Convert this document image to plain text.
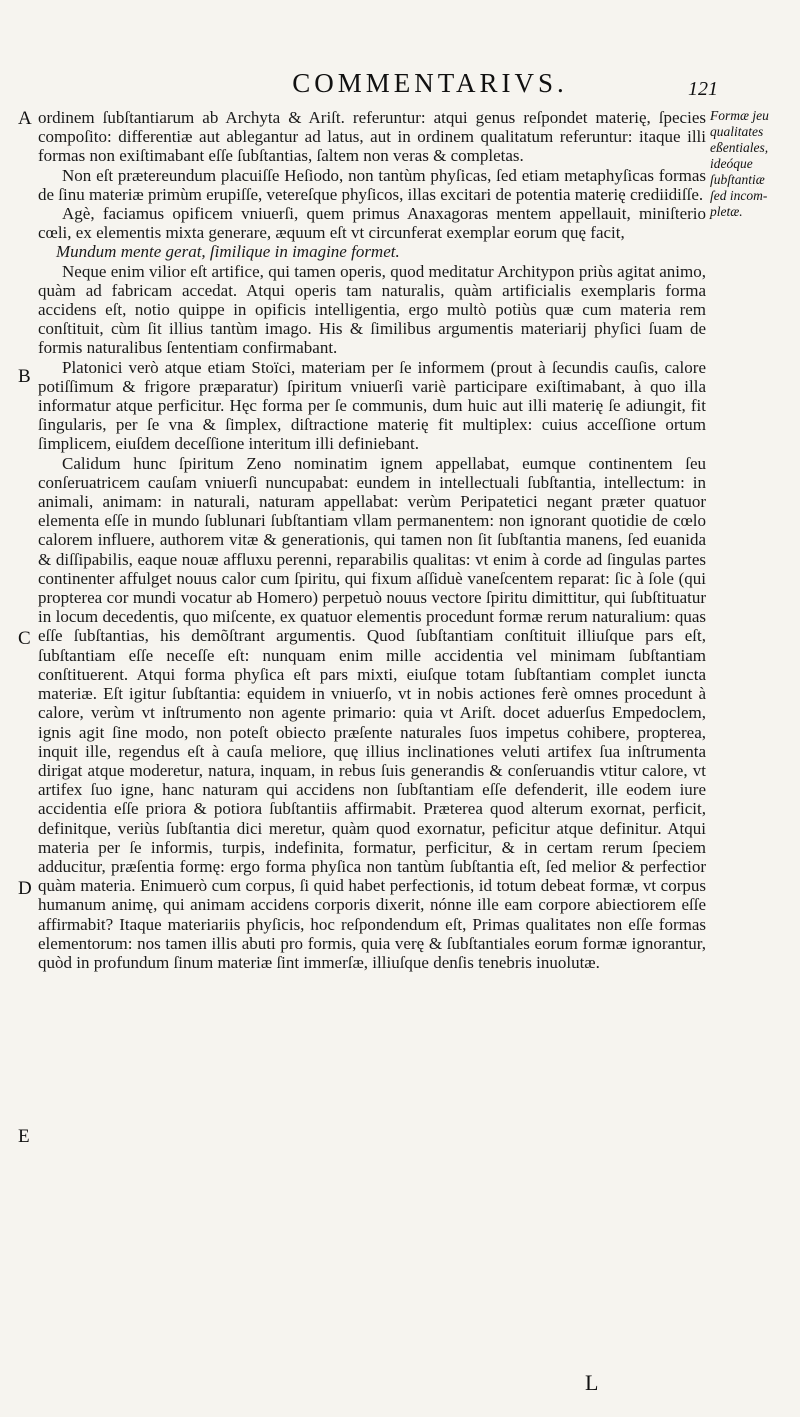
COMMENTARIVS.	121
A
B
C
D
E
Formæ jeu
qualitates
eßentiales,
ideóque
ſubſtantiæ
ſed incom-
pletæ.

ordinem ſubſtantiarum ab Archyta & Ariſt. referuntur: atqui genus reſpondet materię, ſpecies compoſito: differentiæ aut ablegantur ad latus, aut in ordinem qualitatum referuntur: itaque illi formas non exiſtimabant eſſe ſubſtantias, ſaltem non veras & completas.

Non eſt prætereundum placuiſſe Heſiodo, non tantùm phyſicas, ſed etiam metaphyſicas formas de ſinu materiæ primùm erupiſſe, vetereſque phyſicos, illas excitari de potentia materię crediidiſſe.

Agè, faciamus opificem vniuerſi, quem primus Anaxagoras mentem appellauit, miniſterio cœli, ex elementis mixta generare, æquum eſt vt circunferat exemplar eorum quę facit,

Mundum mente gerat, ſimilique in imagine formet.

Neque enim vilior eſt artifice, qui tamen operis, quod meditatur Architypon priùs agitat animo, quàm ad fabricam accedat. Atqui operis tam naturalis, quàm artificialis exemplaris forma accidens eſt, notio quippe in opificis intelligentia, ergo multò potiùs quæ cum materia rem conſtituit, cùm ſit illius tantùm imago. His & ſimilibus argumentis materiarij phyſici ſuam de formis naturalibus ſententiam confirmabant.

Platonici verò atque etiam Stoïci, materiam per ſe informem (prout à ſecundis cauſis, calore potiſſimum & frigore præparatur) ſpiritum vniuerſi variè participare exiſtimabant, à quo illa informatur atque perficitur. Hęc forma per ſe communis, dum huic aut illi materię ſe adiungit, fit ſingularis, per ſe vna & ſimplex, diſtractione materię fit multiplex: cuius acceſſione ortum ſimplicem, eiuſdem deceſſione interitum illi definiebant.

Calidum hunc ſpiritum Zeno nominatim ignem appellabat, eumque continentem ſeu conſeruatricem cauſam vniuerſi nuncupabat: eundem in intellectuali ſubſtantia, intellectum: in animali, animam: in naturali, naturam appellabat: verùm Peripatetici negant præter quatuor elementa eſſe in mundo ſublunari ſubſtantiam vllam permanentem: non ignorant quotidie de cœlo calorem influere, authorem vitæ & generationis, qui tamen non ſit ſubſtantia manens, ſed euanida & diſſipabilis, eaque nouæ affluxu perenni, reparabilis qualitas: vt enim à corde ad ſingulas partes continenter affulget nouus calor cum ſpiritu, qui fixum aſſiduè vaneſcentem reparat: ſic à ſole (qui propterea cor mundi vocatur ab Homero) perpetuò nouus vectore ſpiritu dimittitur, qui ſubſtituatur in locum decedentis, quo miſcente, ex quatuor elementis procedunt formæ rerum naturalium: quas eſſe ſubſtantias, his demõſtrant argumentis. Quod ſubſtantiam conſtituit illiuſque pars eſt, ſubſtantiam eſſe neceſſe eſt: nunquam enim mille accidentia vel minimam ſubſtantiam conſtituerent. Atqui forma phyſica eſt pars mixti, eiuſque totam ſubſtantiam complet iuncta materiæ. Eſt igitur ſubſtantia: equidem in vniuerſo, vt in nobis actiones ferè omnes procedunt à calore, verùm vt inſtrumento non agente primario: quia vt Ariſt. docet aduerſus Empedoclem, ignis agit ſine modo, non poteſt obiecto præſente naturales ſuos impetus cohibere, propterea, inquit ille, regendus eſt à cauſa meliore, quę illius inclinationes veluti artifex ſua inſtrumenta dirigat atque moderetur, natura, inquam, in rebus ſuis generandis & conſeruandis vtitur calore, vt artifex ſuo igne, hanc naturam qui accidens non ſubſtantiam eſſe defenderit, ille eodem iure accidentia eſſe priora & potiora ſubſtantiis affirmabit. Præterea quod alterum exornat, perficit, definitque, veriùs ſubſtantia dici meretur, quàm quod exornatur, peficitur atque definitur. Atqui materia per ſe informis, turpis, indefinita, formatur, perficitur, & in certam rerum ſpeciem adducitur, præſentia formę: ergo forma phyſica non tantùm ſubſtantia eſt, ſed melior & perfectior quàm materia. Enimuerò cum corpus, ſi quid habet perfectionis, id totum debeat formæ, vt corpus humanum animę, qui animam accidens corporis dixerit, nónne ille eam corpore abiectiorem eſſe affirmabit? Itaque materiariis phyſicis, hoc reſpondendum eſt, Primas qualitates non eſſe formas elementorum: nos tamen illis abuti pro formis, quia verę & ſubſtantiales eorum formæ ignorantur, quòd in profundum ſinum materiæ ſint immerſæ, illiuſque denſis tenebris inuolutæ.

L
